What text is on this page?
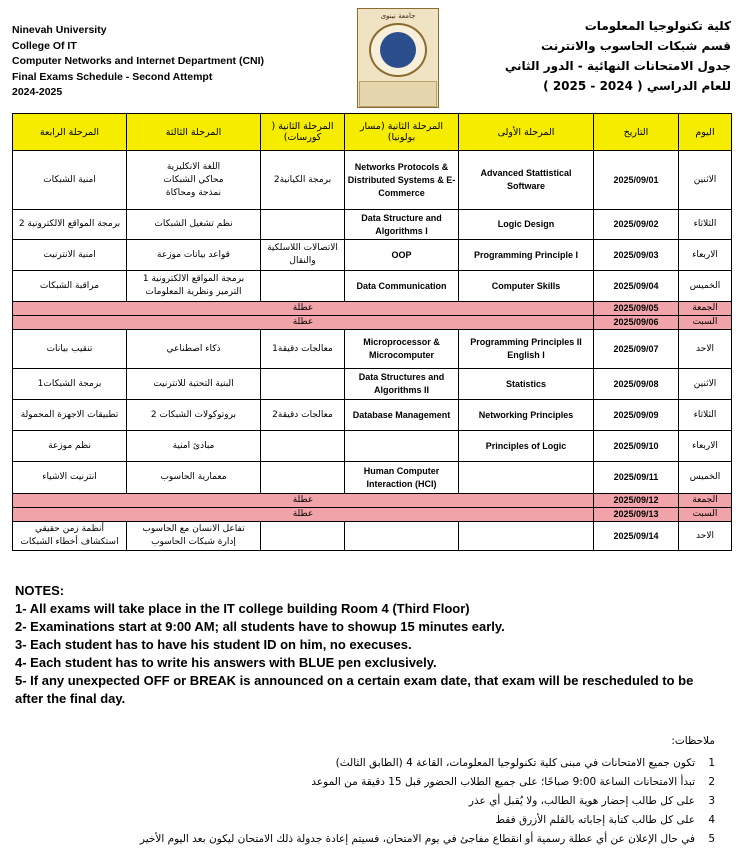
Ninevah University
College Of IT
Computer Networks and Internet Department (CNI)
Final Exams Schedule - Second Attempt
2024-2025
جامعة نينوى
كلية تكنولوجيا المعلومات
قسم شبكات الحاسوب والانترنت
جدول الامتحانات النهائية - الدور الثاني
للعام الدراسي ( 2024 - 2025 )
المرحلة الرابعة	المرحلة الثالثة	المرحلة الثانية ( كورسات)	المرحلة الثانية (مسار بولونيا)	المرحلة الأولى	التاريخ	اليوم
امنية الشبكات	اللغة الانكليزية
محاكي الشبكات
نمذجة ومحاكاة	برمجة الكيانية2	Networks Protocols & Distributed Systems & E-Commerce	Advanced Stattistical Software	2025/09/01	الاثنين
برمجة المواقع الالكترونية 2	نظم تشغيل الشبكات		Data Structure and Algorithms I	Logic Design	2025/09/02	الثلاثاء
امنية الانترنيت	قواعد بيانات موزعة	الاتصالات اللاسلكية والنقال	OOP	Programming Principle I	2025/09/03	الاربعاء
مراقبة الشبكات	برمجة المواقع الالكترونية 1
الترميز ونظرية المعلومات		Data Communication	Computer Skills	2025/09/04	الخميس
عطلة					2025/09/05	الجمعة
عطلة					2025/09/06	السبت
تنقيب بيانات	ذكاء اصطناعي	معالجات دقيقة1	Microprocessor & Microcomputer	Programming Principles II
English I	2025/09/07	الاحد
برمجة الشبكات1	البنية التحتية للانترنيت		Data Structures and Algorithms II	Statistics	2025/09/08	الاثنين
تطبيقات الاجهزة المحمولة	بروتوكولات الشبكات 2	معالجات دقيقة2	Database Management	Networking Principles	2025/09/09	الثلاثاء
نظم موزعة	مبادئ امنية			Principles of Logic	2025/09/10	الاربعاء
انترنيت الاشياء	معمارية الحاسوب		Human Computer Interaction (HCI)		2025/09/11	الخميس
عطلة					2025/09/12	الجمعة
عطلة					2025/09/13	السبت
أنظمة زمن حقيقي
استكشاف أخطاء الشبكات	تفاعل الانسان مع الحاسوب
إدارة شبكات الحاسوب				2025/09/14	الاحد
NOTES:
1- All exams will take place in the IT college building Room 4 (Third Floor)
2- Examinations start at 9:00 AM; all students have to showup 15 minutes early.
3- Each student has to have his student ID on him, no execuses.
4- Each student has to write his answers with BLUE pen exclusively.
5- If any unexpected OFF or BREAK is announced on a certain exam date, that exam will be rescheduled to be after the final day.
ملاحظات:
1
تكون جميع الامتحانات في مبنى كلية تكنولوجيا المعلومات، القاعة 4 (الطابق الثالث)
2
تبدأ الامتحانات الساعة 9:00 صباحًا؛ على جميع الطلاب الحضور قبل 15 دقيقة من الموعد
3
على كل طالب إحضار هوية الطالب، ولا يُقبل أي عذر
4
على كل طالب كتابة إجاباته بالقلم الأزرق فقط
5
في حال الإعلان عن أي عطلة رسمية أو انقطاع مفاجئ في يوم الامتحان، فسيتم إعادة جدولة ذلك الامتحان ليكون بعد اليوم الأخير
